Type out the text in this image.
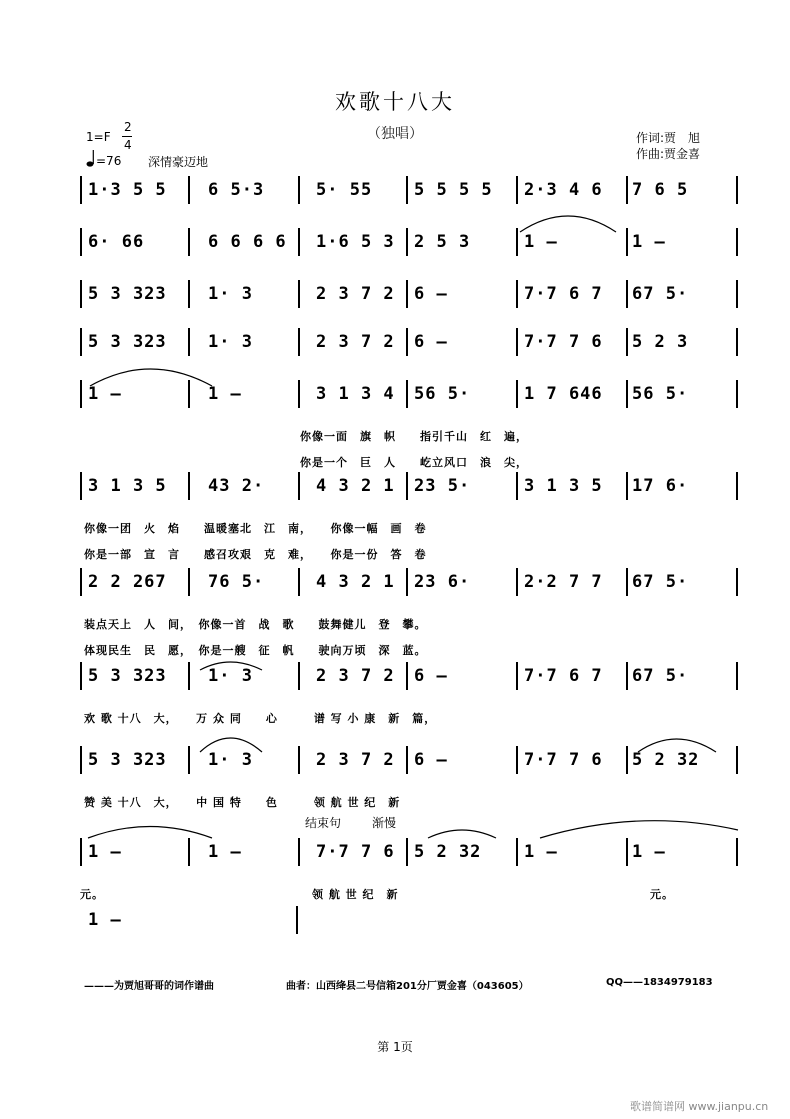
欢歌十八大
（独唱）
1=F
2
4
=76 深情豪迈地
作词:贾　旭
作曲:贾金喜
1·3 5 5 6 5·3	5· 55 5 5 5 5 2·3 4 6 7 6 5
6· 66	6 6 6 6 1·6 5 3 2 5 3	1 –	1 –
5 3 323 1· 3	2 3 7 2 6 –	7·7 6 7 67 5·
5 3 323 1· 3	2 3 7 2 6 –	7·7 7 6 5 2 3
1 –	1 –	3 1 3 4 56 5·	1 7 646 56 5·
你像一面　旗　帜　　指引千山　红　遍，
你是一个　巨　人　　屹立风口　浪　尖，
3 1 3 5 43 2·	4 3 2 1 23 5·	3 1 3 5 17 6·
你像一团　火　焰　　温暖塞北　江　南，　　你像一幅　画　卷
你是一部　宣　言　　感召攻艰　克　难，　　你是一份　答　卷
2 2 267 76 5·	4 3 2 1 23 6·	2·2 7 7 67 5·
装点天上　人　间，　你像一首　战　歌　　鼓舞健儿　登　攀。
体现民生　民　愿，　你是一艘　征　帆　　驶向万顷　深　蓝。
5 3 323 1· 3	2 3 7 2 6 –	7·7 6 7 67 5·
欢 歌 十八　大，　　万 众 同　　心　　　谱 写 小 康　新　篇，
5 3 323 1· 3	2 3 7 2 6 –	7·7 7 6 5 2 32
赞 美 十八　大，　　中 国 特　　色　　　领 航 世 纪　新
1 –	1 –	7·7 7 6 5 2 32	1 –	1 –
元。	领 航 世 纪　新	元。
1 –
结束句	渐慢
———为贾旭哥哥的词作谱曲	曲者：山西绛县二号信箱201分厂贾金喜（043605）	QQ——1834979183
第 1页
歌谱简谱网 www.jianpu.cn
